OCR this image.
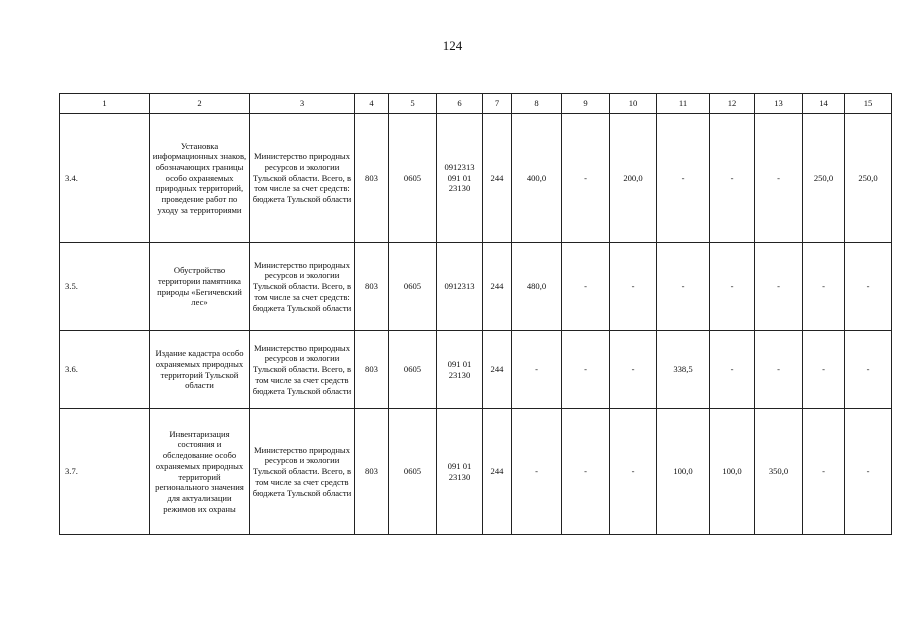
124
1	2	3	4	5	6	7	8	9	10	11	12	13	14	15
3.4.	Установка информационных знаков, обозначающих границы особо охраняемых природных территорий, проведение работ по уходу за территориями	Министерство природных ресурсов и экологии Тульской области. Всего, в том числе за счет средств: бюджета Тульской области	803	0605	0912313 091 01 23130	244	400,0	-	200,0	-	-	-	250,0	250,0
3.5.	Обустройство территории памятника природы «Бегичевский лес»	Министерство природных ресурсов и экологии Тульской области. Всего, в том числе за счет средств: бюджета Тульской области	803	0605	0912313	244	480,0	-	-	-	-	-	-	-
3.6.	Издание кадастра особо охраняемых природных территорий Тульской области	Министерство природных ресурсов и экологии Тульской области. Всего, в том числе за счет средств бюджета Тульской области	803	0605	091 01 23130	244	-	-	-	338,5	-	-	-	-
3.7.	Инвентаризация состояния и обследование особо охраняемых природных территорий регионального значения для актуализации режимов их охраны	Министерство природных ресурсов и экологии Тульской области. Всего, в том числе за счет средств бюджета Тульской области	803	0605	091 01 23130	244	-	-	-	100,0	100,0	350,0	-	-
